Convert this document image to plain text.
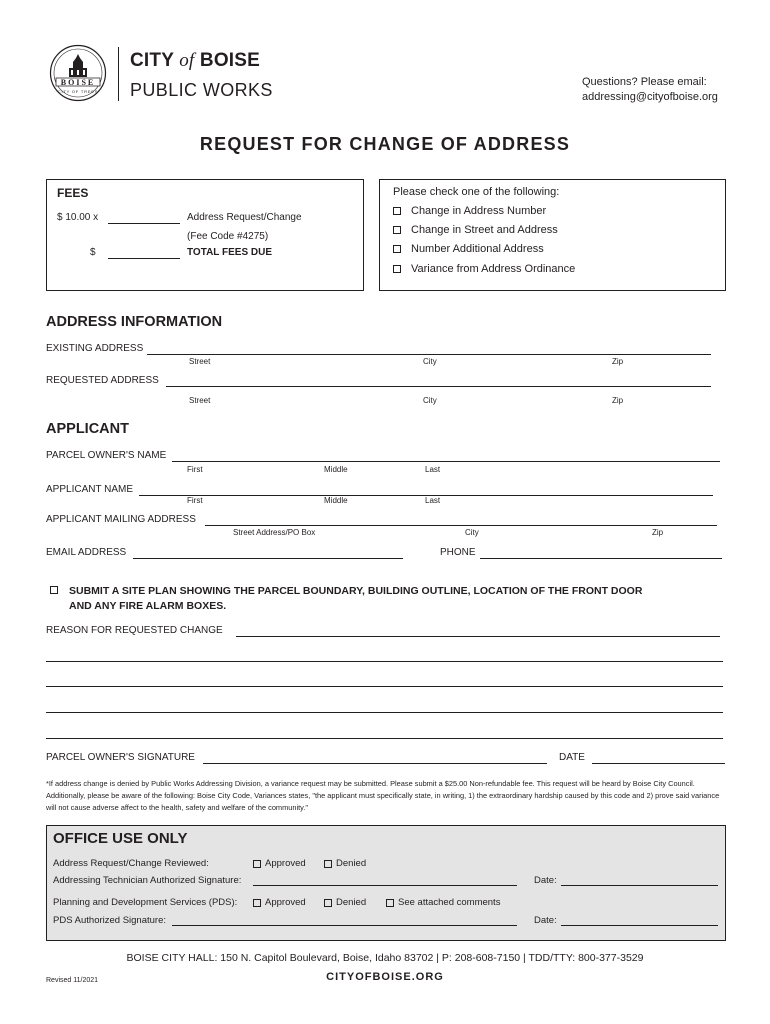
BOISE
CITY OF TREES
CITY of BOISE
PUBLIC WORKS	Questions? Please email:
addressing@cityofboise.org
REQUEST FOR CHANGE OF ADDRESS
FEES
$ 10.00 x	Address Request/Change
(Fee Code #4275)
$	TOTAL FEES DUE
Please check one of the following:
Change in Address Number
Change in Street and Address
Number Additional Address
Variance from Address Ordinance
ADDRESS INFORMATION
EXISTING ADDRESS
Street	City	Zip
REQUESTED ADDRESS
Street	City	Zip
APPLICANT
PARCEL OWNER'S NAME
First	Middle	Last
APPLICANT NAME
First	Middle	Last
APPLICANT MAILING ADDRESS
Street Address/PO Box	City	Zip
EMAIL ADDRESS	PHONE
SUBMIT A SITE PLAN SHOWING THE PARCEL BOUNDARY, BUILDING OUTLINE, LOCATION OF THE FRONT DOOR
AND ANY FIRE ALARM BOXES.
REASON FOR REQUESTED CHANGE
PARCEL OWNER'S SIGNATURE	DATE
*If address change is denied by Public Works Addressing Division, a variance request may be submitted. Please submit a $25.00 Non-refundable fee. This request will be heard by Boise City Council. Additionally, please be aware of the following: Boise City Code, Variances states, "the applicant must specifically state, in writing, 1) the extraordinary hardship caused by this code and 2) prove said variance will not cause adverse affect to the health, safety and welfare of the community."
OFFICE USE ONLY
Address Request/Change Reviewed:	Approved	Denied
Addressing Technician Authorized Signature:	Date:
Planning and Development Services (PDS):	Approved	Denied	See attached comments
PDS Authorized Signature:	Date:
BOISE CITY HALL: 150 N. Capitol Boulevard, Boise, Idaho 83702 | P: 208-608-7150 | TDD/TTY: 800-377-3529
CITYOFBOISE.ORG
Revised 11/2021
